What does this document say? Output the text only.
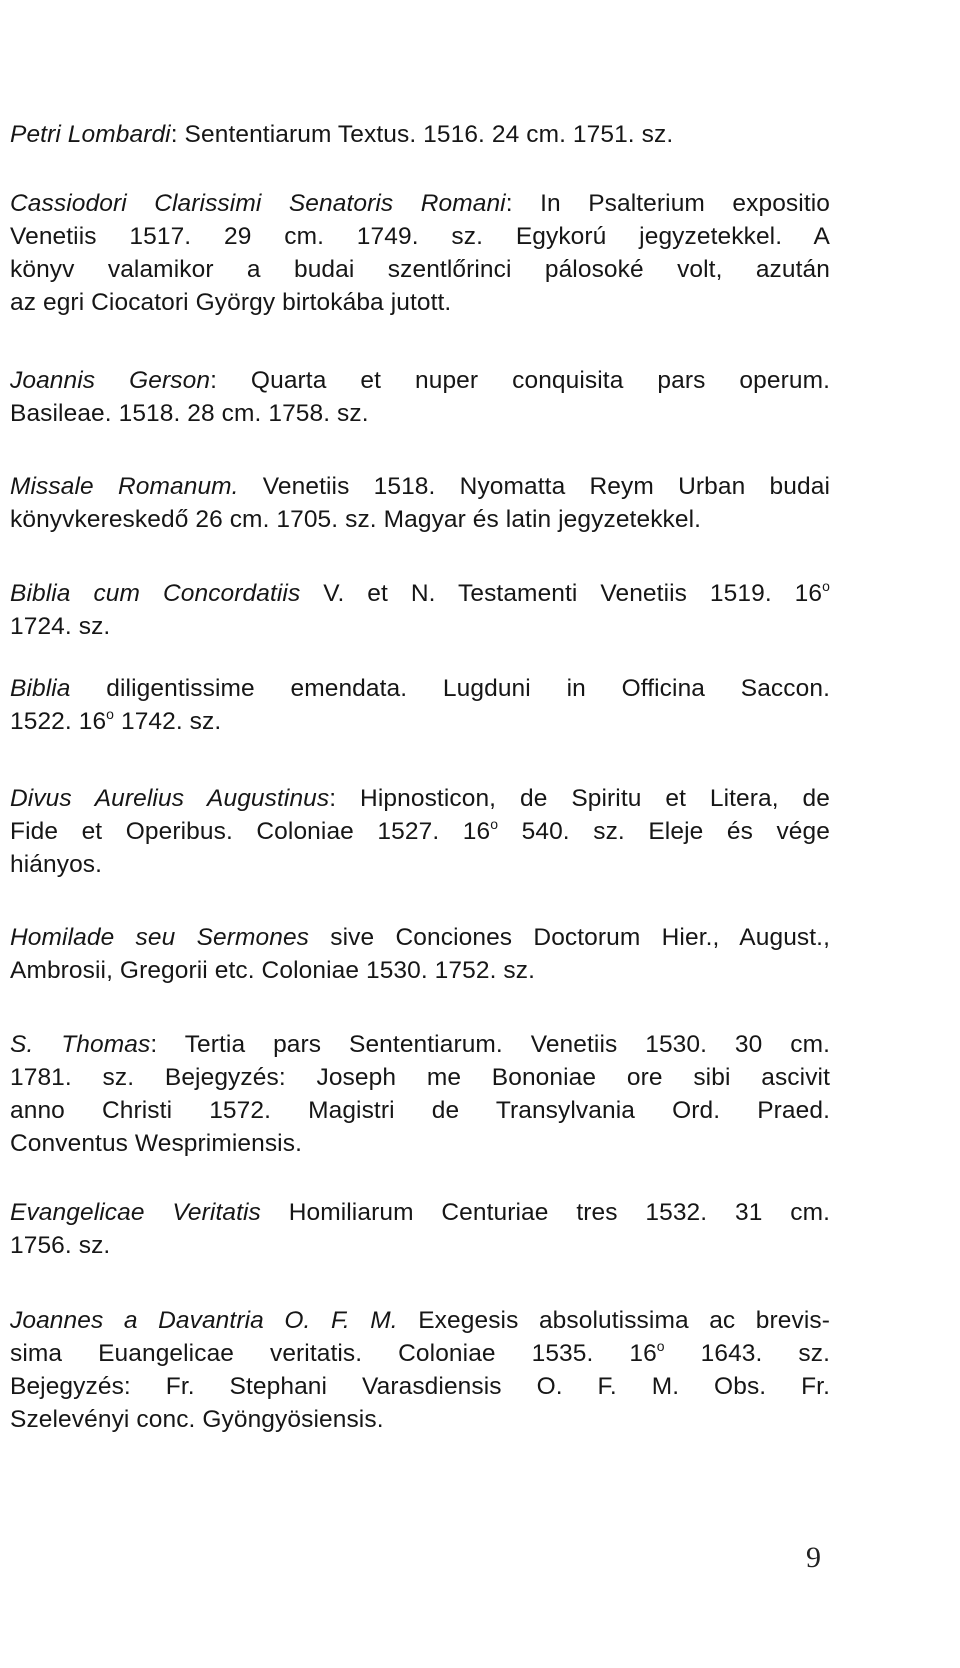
Petri Lombardi: Sententiarum Textus. 1516. 24 cm. 1751. sz.

Cassiodori Clarissimi Senatoris Romani: In Psalterium expositio
Venetiis 1517. 29 cm. 1749. sz. Egykorú jegyzetekkel. A
könyv valamikor a budai szentlőrinci pálosoké volt, azután
az egri Ciocatori György birtokába jutott.

Joannis Gerson: Quarta et nuper conquisita pars operum.
Basileae. 1518. 28 cm. 1758. sz.

Missale Romanum. Venetiis 1518. Nyomatta Reym Urban budai
könyvkereskedő 26 cm. 1705. sz. Magyar és latin jegyzetekkel.

Biblia cum Concordatiis V. et N. Testamenti Venetiis 1519. 16$^o$
1724. sz.

Biblia diligentissime emendata. Lugduni in Officina Saccon.
1522. 16$^o$ 1742. sz.

Divus Aurelius Augustinus: Hipnosticon, de Spiritu et Litera, de
Fide et Operibus. Coloniae 1527. 16$^o$ 540. sz. Eleje és vége
hiányos.

Homilade seu Sermones sive Conciones Doctorum Hier., August.,
Ambrosii, Gregorii etc. Coloniae 1530. 1752. sz.

S. Thomas: Tertia pars Sententiarum. Venetiis 1530. 30 cm.
1781. sz. Bejegyzés: Joseph me Bononiae ore sibi ascivit
anno Christi 1572. Magistri de Transylvania Ord. Praed.
Conventus Wesprimiensis.

Evangelicae Veritatis Homiliarum Centuriae tres 1532. 31 cm.
1756. sz.

Joannes a Davantria O. F. M. Exegesis absolutissima ac brevis-
sima Euangelicae veritatis. Coloniae 1535. 16$^o$ 1643. sz.
Bejegyzés: Fr. Stephani Varasdiensis O. F. M. Obs. Fr.
Szelevényi conc. Gyöngyösiensis.

9
